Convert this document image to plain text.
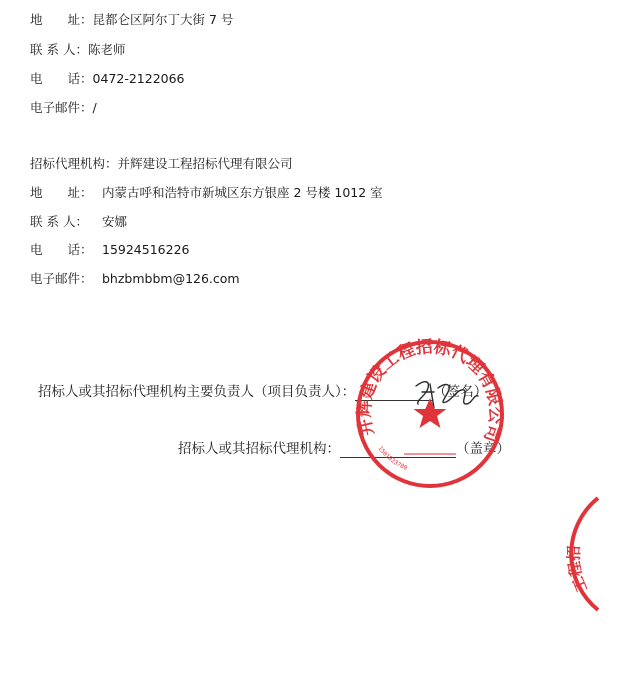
地　　址：昆都仑区阿尔丁大街 7 号
联 系 人：陈老师
电　　话：0472-2122066
电子邮件：/
招标代理机构：并辉建设工程招标代理有限公司
地　　址： 内蒙古呼和浩特市新城区东方银座 2 号楼 1012 室
联 系 人： 安娜
电　　话： 15924516226
电子邮件： bhzbmbbm@126.com
招标人或其招标代理机构主要负责人（项目负责人）：	（签名）
招标人或其招标代理机构：	（盖章）
并辉建设工程招标代理有限公司
1501023780
工程招
